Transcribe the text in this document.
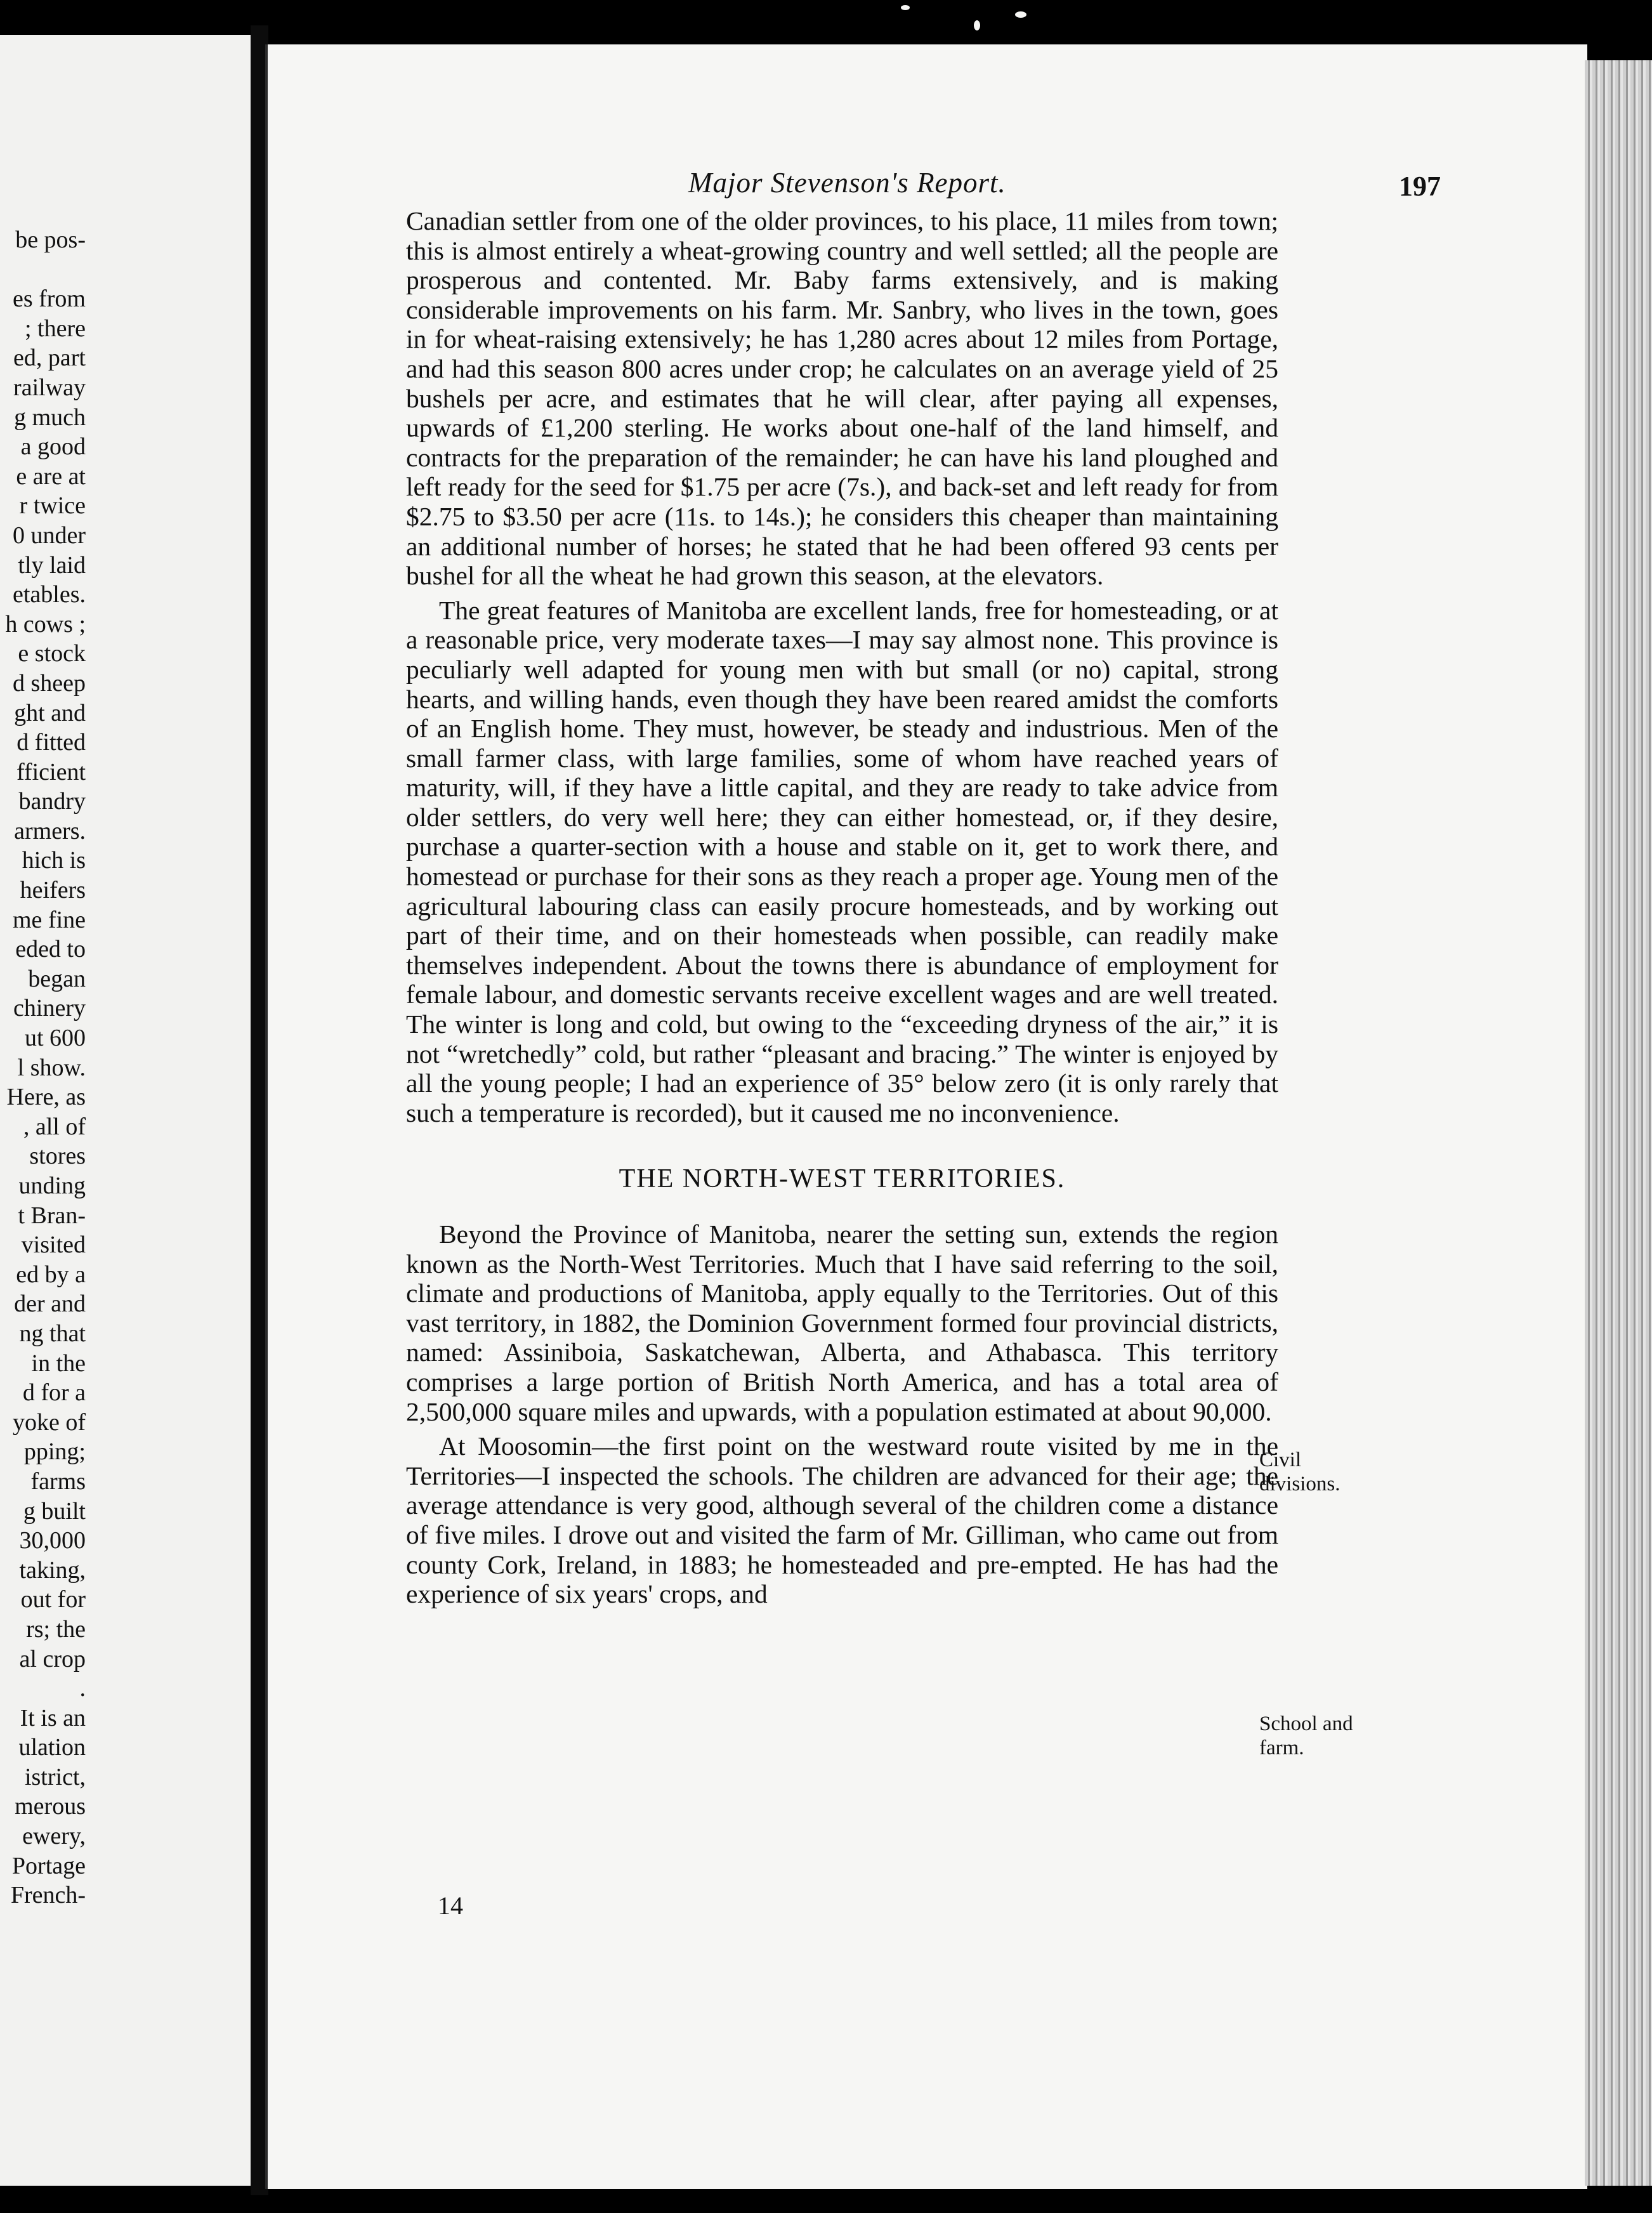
be pos-
es from
; there
ed, part
railway
g much
a good
e are at
r twice
0 under
tly laid
etables.
h cows ;
e stock
d sheep
ght and
d fitted
fficient
bandry
armers.
hich is
heifers
me fine
eded to
began
chinery
ut 600
l show.
Here, as
, all of
stores
unding
t Bran-
visited
ed by a
der and
ng that
in the
d for a
yoke of
pping;
farms
g built
30,000
taking,
out for
rs; the
al crop
.
It is an
ulation
istrict,
merous
ewery,
Portage
French-
Major Stevenson's Report.	197

Canadian settler from one of the older provinces, to his place, 11 miles from town; this is almost entirely a wheat-growing country and well settled; all the people are prosperous and contented. Mr. Baby farms extensively, and is making considerable improvements on his farm. Mr. Sanbry, who lives in the town, goes in for wheat-raising extensively; he has 1,280 acres about 12 miles from Portage, and had this season 800 acres under crop; he calculates on an average yield of 25 bushels per acre, and estimates that he will clear, after paying all expenses, upwards of £1,200 sterling. He works about one-half of the land himself, and contracts for the preparation of the remainder; he can have his land ploughed and left ready for the seed for $1.75 per acre (7s.), and back-set and left ready for from $2.75 to $3.50 per acre (11s. to 14s.); he considers this cheaper than maintaining an additional number of horses; he stated that he had been offered 93 cents per bushel for all the wheat he had grown this season, at the elevators.

The great features of Manitoba are excellent lands, free for homesteading, or at a reasonable price, very moderate taxes—I may say almost none. This province is peculiarly well adapted for young men with but small (or no) capital, strong hearts, and willing hands, even though they have been reared amidst the comforts of an English home. They must, however, be steady and industrious. Men of the small farmer class, with large families, some of whom have reached years of maturity, will, if they have a little capital, and they are ready to take advice from older settlers, do very well here; they can either homestead, or, if they desire, purchase a quarter-section with a house and stable on it, get to work there, and homestead or purchase for their sons as they reach a proper age. Young men of the agricultural labouring class can easily procure homesteads, and by working out part of their time, and on their homesteads when possible, can readily make themselves independent. About the towns there is abundance of employment for female labour, and domestic servants receive excellent wages and are well treated. The winter is long and cold, but owing to the “exceeding dryness of the air,” it is not “wretchedly” cold, but rather “pleasant and bracing.” The winter is enjoyed by all the young people; I had an experience of 35° below zero (it is only rarely that such a temperature is recorded), but it caused me no inconvenience.

THE NORTH-WEST TERRITORIES.

Beyond the Province of Manitoba, nearer the setting sun, extends the region known as the North-West Territories. Much that I have said referring to the soil, climate and productions of Manitoba, apply equally to the Territories. Out of this vast territory, in 1882, the Dominion Government formed four provincial districts, named: Assiniboia, Saskatchewan, Alberta, and Athabasca. This territory comprises a large portion of British North America, and has a total area of 2,500,000 square miles and upwards, with a population estimated at about 90,000.

At Moosomin—the first point on the westward route visited by me in the Territories—I inspected the schools. The children are advanced for their age; the average attendance is very good, although several of the children come a distance of five miles. I drove out and visited the farm of Mr. Gilliman, who came out from county Cork, Ireland, in 1883; he homesteaded and pre-empted. He has had the experience of six years' crops, and

Civil divisions.
School and farm.
14
